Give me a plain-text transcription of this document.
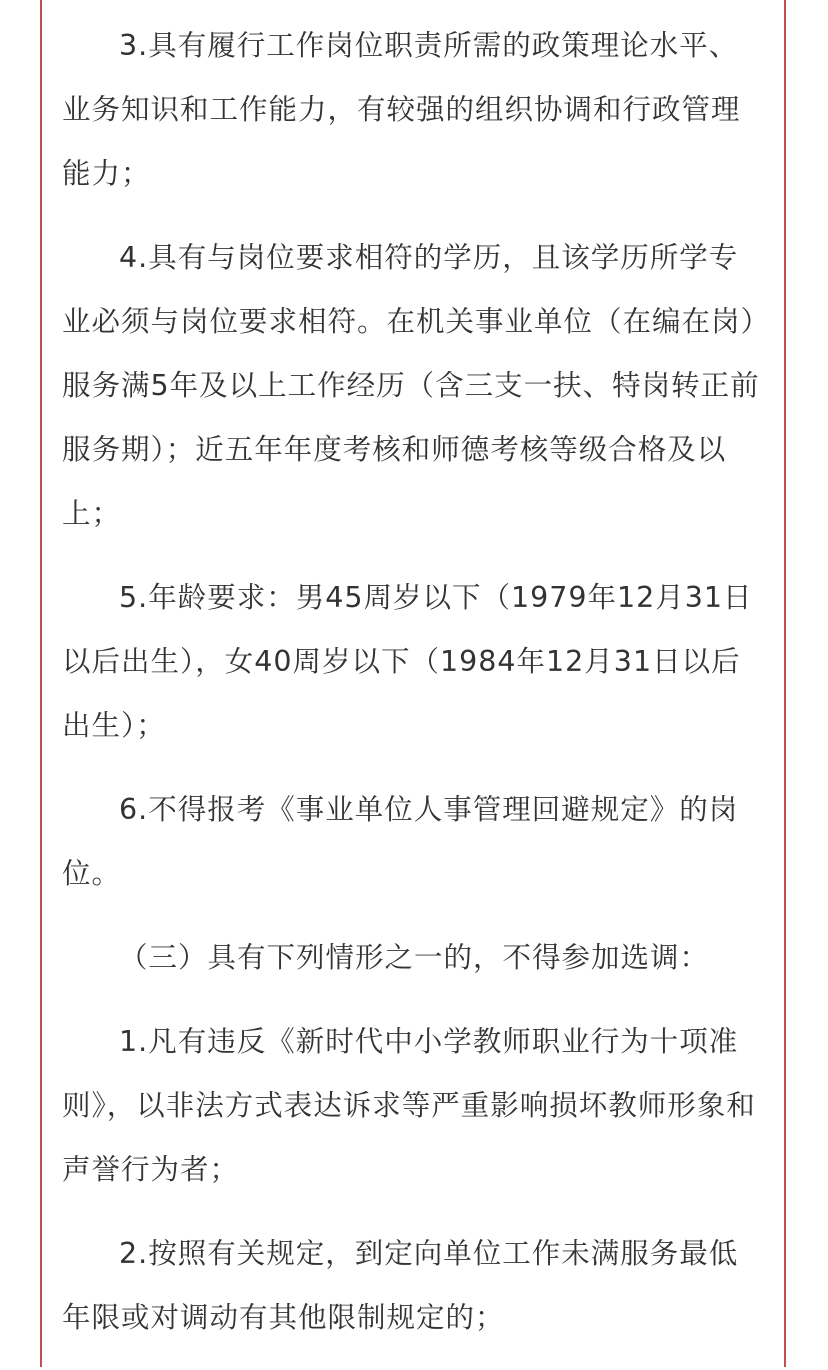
3.具有履行工作岗位职责所需的政策理论水平、业务知识和工作能力，有较强的组织协调和行政管理能力；

4.具有与岗位要求相符的学历，且该学历所学专业必须与岗位要求相符。在机关事业单位（在编在岗）服务满5年及以上工作经历（含三支一扶、特岗转正前服务期）；近五年年度考核和师德考核等级合格及以上；

5.年龄要求：男45周岁以下（1979年12月31日以后出生），女40周岁以下（1984年12月31日以后出生）；

6.不得报考《事业单位人事管理回避规定》的岗位。

（三）具有下列情形之一的，不得参加选调：

1.凡有违反《新时代中小学教师职业行为十项准则》，以非法方式表达诉求等严重影响损坏教师形象和声誉行为者；

2.按照有关规定，到定向单位工作未满服务最低年限或对调动有其他限制规定的；
